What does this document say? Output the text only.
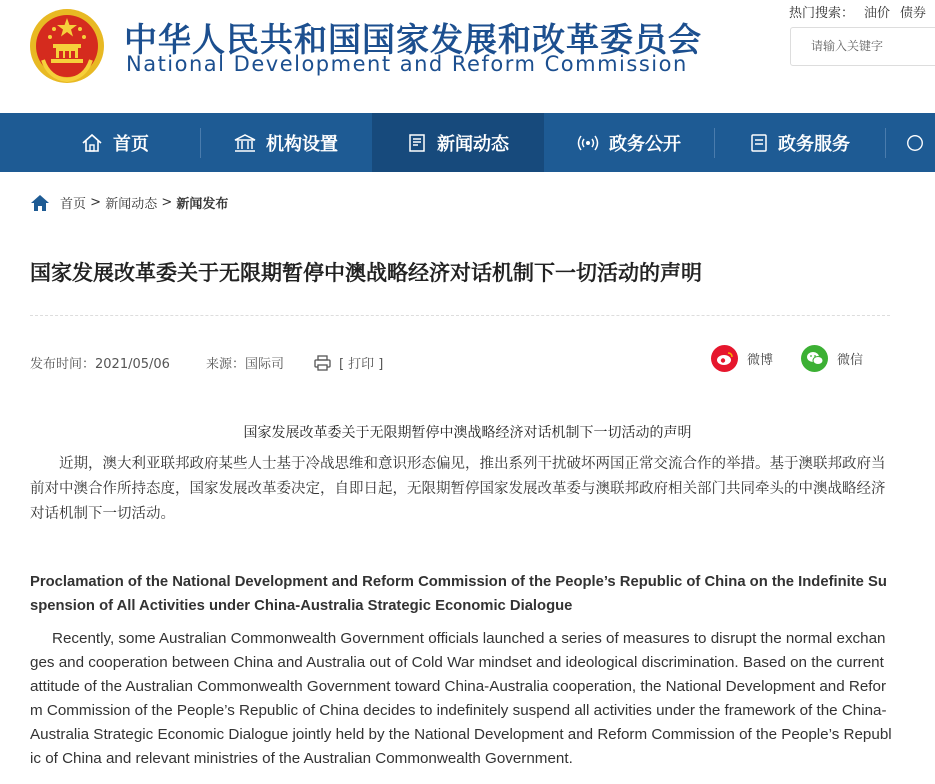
中华人民共和国国家发展和改革委员会
National Development and Reform Commission
热门搜索： 油价 债券
请输入关键字
首页	机构设置	新闻动态	政务公开	政务服务
首页 > 新闻动态 > 新闻发布
国家发展改革委关于无限期暂停中澳战略经济对话机制下一切活动的声明
发布时间：2021/05/06	来源：国际司	[ 打印 ]	微博	微信
国家发展改革委关于无限期暂停中澳战略经济对话机制下一切活动的声明
近期，澳大利亚联邦政府某些人士基于冷战思维和意识形态偏见，推出系列干扰破坏两国正常交流合作的举措。基于澳联邦政府当前对中澳合作所持态度，国家发展改革委决定，自即日起，无限期暂停国家发展改革委与澳联邦政府相关部门共同牵头的中澳战略经济对话机制下一切活动。
Proclamation of the National Development and Reform Commission of the People’s Republic of China on the Indefinite Suspension of All Activities under China-Australia Strategic Economic Dialogue
Recently, some Australian Commonwealth Government officials launched a series of measures to disrupt the normal exchanges and cooperation between China and Australia out of Cold War mindset and ideological discrimination. Based on the current attitude of the Australian Commonwealth Government toward China-Australia cooperation, the National Development and Reform Commission of the People’s Republic of China decides to indefinitely suspend all activities under the framework of the China-Australia Strategic Economic Dialogue jointly held by the National Development and Reform Commission of the People’s Republic of China and relevant ministries of the Australian Commonwealth Government.
